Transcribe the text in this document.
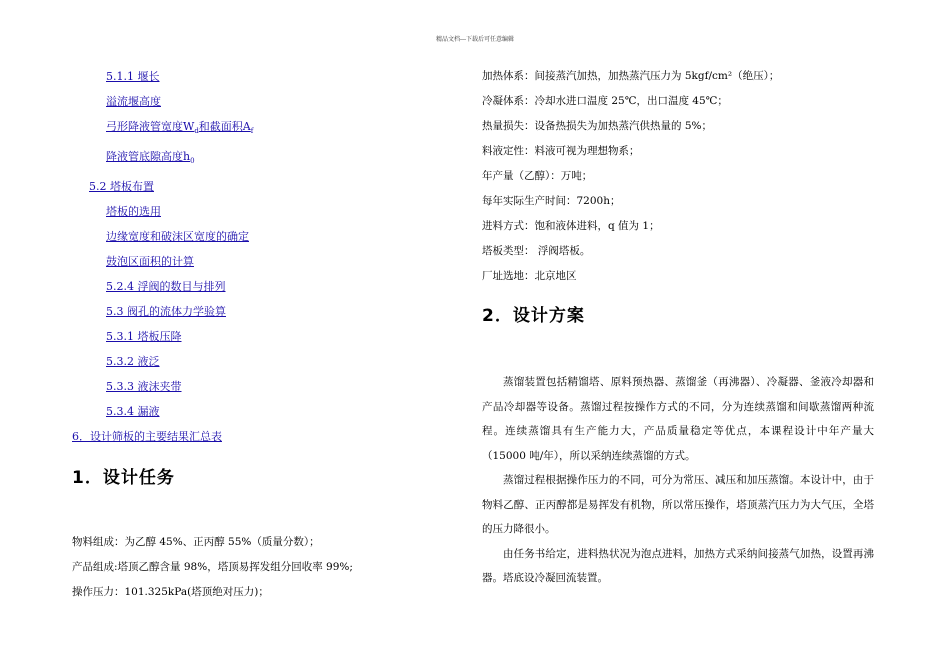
精品文档---下载后可任意编辑
5.1.1 堰长
溢流堰高度
弓形降液管宽度$W_d$和截面积$A_f$
降液管底隙高度$h_0$
5.2 塔板布置
塔板的选用
边缘宽度和破沫区宽度的确定
鼓泡区面积的计算
5.2.4 浮阀的数目与排列
5.3 阀孔的流体力学验算
5.3.1 塔板压降
5.3.2 液泛
5.3.3 液沫夹带
5.3.4 漏液
6．设计筛板的主要结果汇总表
1．设计任务
物料组成：为乙醇 45%、正丙醇 55%（质量分数）；
产品组成:塔顶乙醇含量 98%，塔顶易挥发组分回收率 99%;
操作压力：101.325kPa(塔顶绝对压力)；
加热体系：间接蒸汽加热，加热蒸汽压力为 5kgf/cm²（绝压）；
冷凝体系：冷却水进口温度 25℃，出口温度 45℃；
热量损失：设备热损失为加热蒸汽供热量的 5%；
料液定性：料液可视为理想物系；
年产量（乙醇）：万吨；
每年实际生产时间：7200h；
进料方式：饱和液体进料，q 值为 1；
塔板类型： 浮阀塔板。
厂址选地：北京地区
2．设计方案

蒸馏装置包括精馏塔、原料预热器、蒸馏釜（再沸器）、冷凝器、釜液冷却器和产品冷却器等设备。蒸馏过程按操作方式的不同，分为连续蒸馏和间歇蒸馏两种流程。连续蒸馏具有生产能力大，产品质量稳定等优点，本课程设计中年产量大（15000 吨/年），所以采纳连续蒸馏的方式。

蒸馏过程根据操作压力的不同，可分为常压、减压和加压蒸馏。本设计中，由于物料乙醇、正丙醇都是易挥发有机物，所以常压操作，塔顶蒸汽压力为大气压，全塔的压力降很小。

由任务书给定，进料热状况为泡点进料，加热方式采纳间接蒸气加热，设置再沸器。塔底设冷凝回流装置。
